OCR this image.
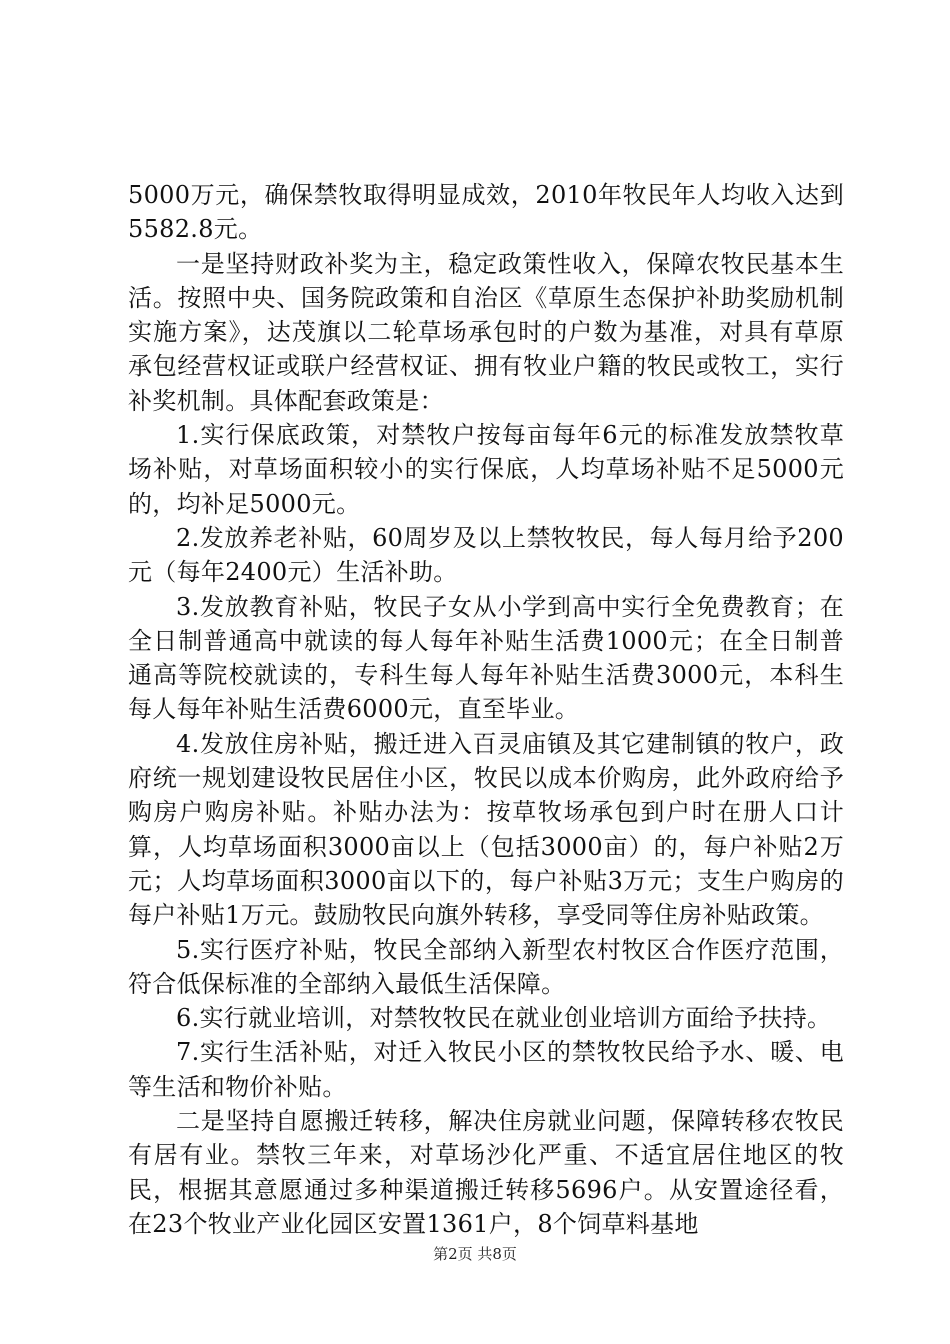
5000万元，确保禁牧取得明显成效，2010年牧民年人均收入达到5582.8元。

一是坚持财政补奖为主，稳定政策性收入，保障农牧民基本生活。按照中央、国务院政策和自治区《草原生态保护补助奖励机制实施方案》，达茂旗以二轮草场承包时的户数为基准，对具有草原承包经营权证或联户经营权证、拥有牧业户籍的牧民或牧工，实行补奖机制。具体配套政策是：

1.实行保底政策，对禁牧户按每亩每年6元的标准发放禁牧草场补贴，对草场面积较小的实行保底，人均草场补贴不足5000元的，均补足5000元。

2.发放养老补贴，60周岁及以上禁牧牧民，每人每月给予200元（每年2400元）生活补助。

3.发放教育补贴，牧民子女从小学到高中实行全免费教育；在全日制普通高中就读的每人每年补贴生活费1000元；在全日制普通高等院校就读的，专科生每人每年补贴生活费3000元，本科生每人每年补贴生活费6000元，直至毕业。

4.发放住房补贴，搬迁进入百灵庙镇及其它建制镇的牧户，政府统一规划建设牧民居住小区，牧民以成本价购房，此外政府给予购房户购房补贴。补贴办法为：按草牧场承包到户时在册人口计算，人均草场面积3000亩以上（包括3000亩）的，每户补贴2万元；人均草场面积3000亩以下的，每户补贴3万元；支生户购房的每户补贴1万元。鼓励牧民向旗外转移，享受同等住房补贴政策。

5.实行医疗补贴，牧民全部纳入新型农村牧区合作医疗范围，符合低保标准的全部纳入最低生活保障。

6.实行就业培训，对禁牧牧民在就业创业培训方面给予扶持。

7.实行生活补贴，对迁入牧民小区的禁牧牧民给予水、暖、电等生活和物价补贴。

二是坚持自愿搬迁转移，解决住房就业问题，保障转移农牧民有居有业。禁牧三年来，对草场沙化严重、不适宜居住地区的牧民，根据其意愿通过多种渠道搬迁转移5696户。从安置途径看，在23个牧业产业化园区安置1361户，8个饲草料基地

第2页 共8页
